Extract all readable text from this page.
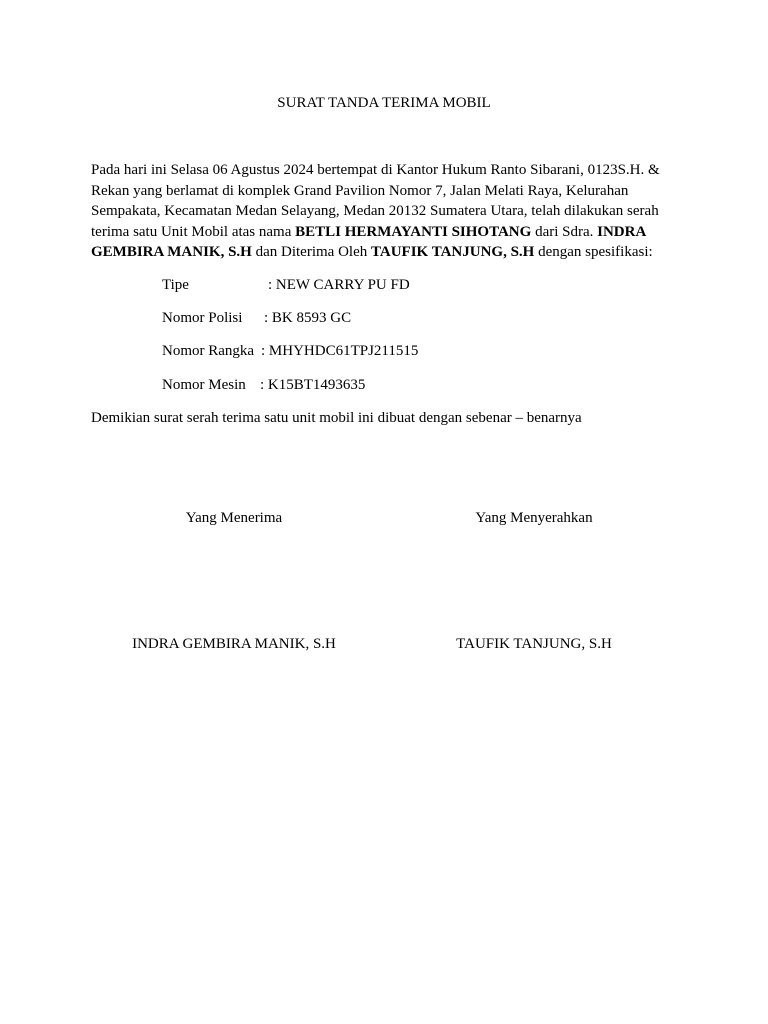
SURAT TANDA TERIMA MOBIL
Pada hari ini Selasa 06 Agustus 2024 bertempat di Kantor Hukum Ranto Sibarani, 0123S.H. & Rekan yang berlamat di komplek Grand Pavilion Nomor 7, Jalan Melati Raya, Kelurahan Sempakata, Kecamatan Medan Selayang, Medan 20132 Sumatera Utara, telah dilakukan serah terima satu Unit Mobil atas nama BETLI HERMAYANTI SIHOTANG dari Sdra. INDRA GEMBIRA MANIK, S.H dan Diterima Oleh TAUFIK TANJUNG, S.H dengan spesifikasi:
Tipe	: NEW CARRY PU FD
Nomor Polisi : BK 8593 GC
Nomor Rangka : MHYHDC61TPJ211515
Nomor Mesin : K15BT1493635
Demikian surat serah terima satu unit mobil ini dibuat dengan sebenar – benarnya
Yang Menerima	Yang Menyerahkan
INDRA GEMBIRA MANIK, S.H	TAUFIK TANJUNG, S.H
